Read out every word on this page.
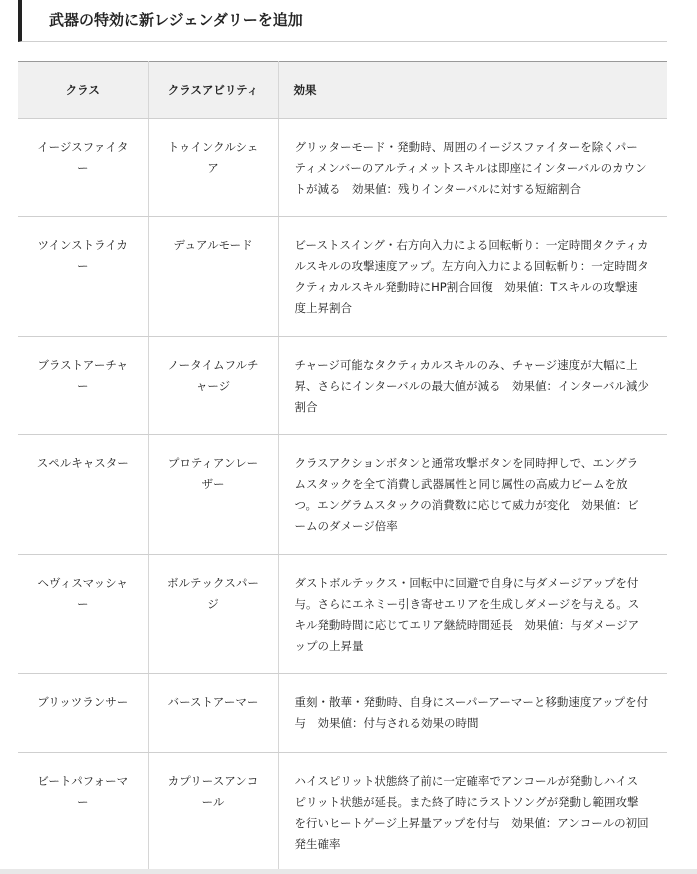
武器の特効に新レジェンダリーを追加
クラス	クラスアビリティ	効果
イージスファイター	トゥインクルシェア	グリッターモード・発動時、周囲のイージスファイターを除くパーティメンバーのアルティメットスキルは即座にインターバルのカウントが減る　効果値：残りインターバルに対する短縮割合
ツインストライカー	デュアルモード	ビーストスイング・右方向入力による回転斬り：一定時間タクティカルスキルの攻撃速度アップ。左方向入力による回転斬り：一定時間タクティカルスキル発動時にHP割合回復　効果値：Tスキルの攻撃速度上昇割合
ブラストアーチャー	ノータイムフルチャージ	チャージ可能なタクティカルスキルのみ、チャージ速度が大幅に上昇、さらにインターバルの最大値が減る　効果値：インターバル減少割合
スペルキャスター	プロティアンレーザー	クラスアクションボタンと通常攻撃ボタンを同時押しで、エングラムスタックを全て消費し武器属性と同じ属性の高威力ビームを放つ。エングラムスタックの消費数に応じて威力が変化　効果値：ビームのダメージ倍率
ヘヴィスマッシャー	ボルテックスパージ	ダストボルテックス・回転中に回避で自身に与ダメージアップを付与。さらにエネミー引き寄せエリアを生成しダメージを与える。スキル発動時間に応じてエリア継続時間延長　効果値：与ダメージアップの上昇量
ブリッツランサー	バーストアーマー	重刻・散華・発動時、自身にスーパーアーマーと移動速度アップを付与　効果値：付与される効果の時間
ビートパフォーマー	カプリースアンコール	ハイスピリット状態終了前に一定確率でアンコールが発動しハイスピリット状態が延長。また終了時にラストソングが発動し範囲攻撃を行いヒートゲージ上昇量アップを付与　効果値：アンコールの初回発生確率
